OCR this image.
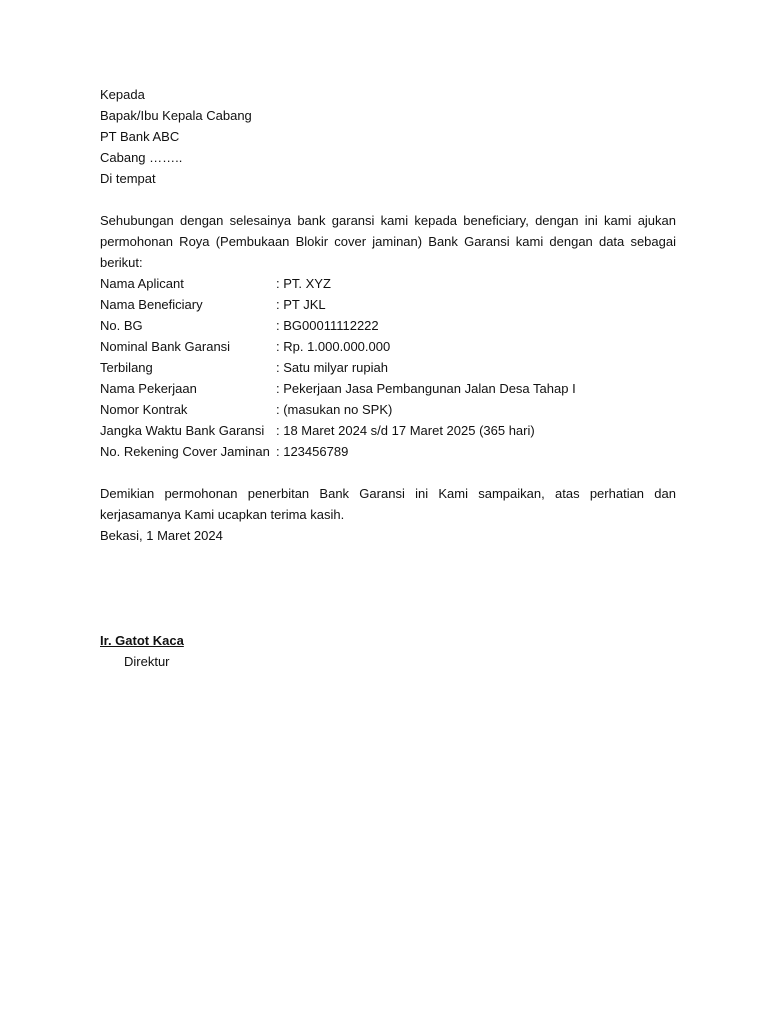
Kepada
Bapak/Ibu Kepala Cabang
PT Bank ABC
Cabang ……..
Di tempat
Sehubungan dengan selesainya bank garansi kami kepada beneficiary, dengan ini kami ajukan permohonan Roya (Pembukaan Blokir cover jaminan) Bank Garansi kami dengan data sebagai berikut:
Nama Aplicant	: PT. XYZ
Nama Beneficiary	: PT JKL
No. BG	: BG00011112222
Nominal Bank Garansi	: Rp. 1.000.000.000
Terbilang	: Satu milyar rupiah
Nama Pekerjaan	: Pekerjaan Jasa Pembangunan Jalan Desa Tahap I
Nomor Kontrak	: (masukan no SPK)
Jangka Waktu Bank Garansi : 18 Maret 2024 s/d 17 Maret 2025 (365 hari)
No. Rekening Cover Jaminan : 123456789
Demikian permohonan penerbitan Bank Garansi ini Kami sampaikan, atas perhatian dan kerjasamanya Kami ucapkan terima kasih.
Bekasi, 1 Maret 2024
Ir. Gatot Kaca
Direktur
